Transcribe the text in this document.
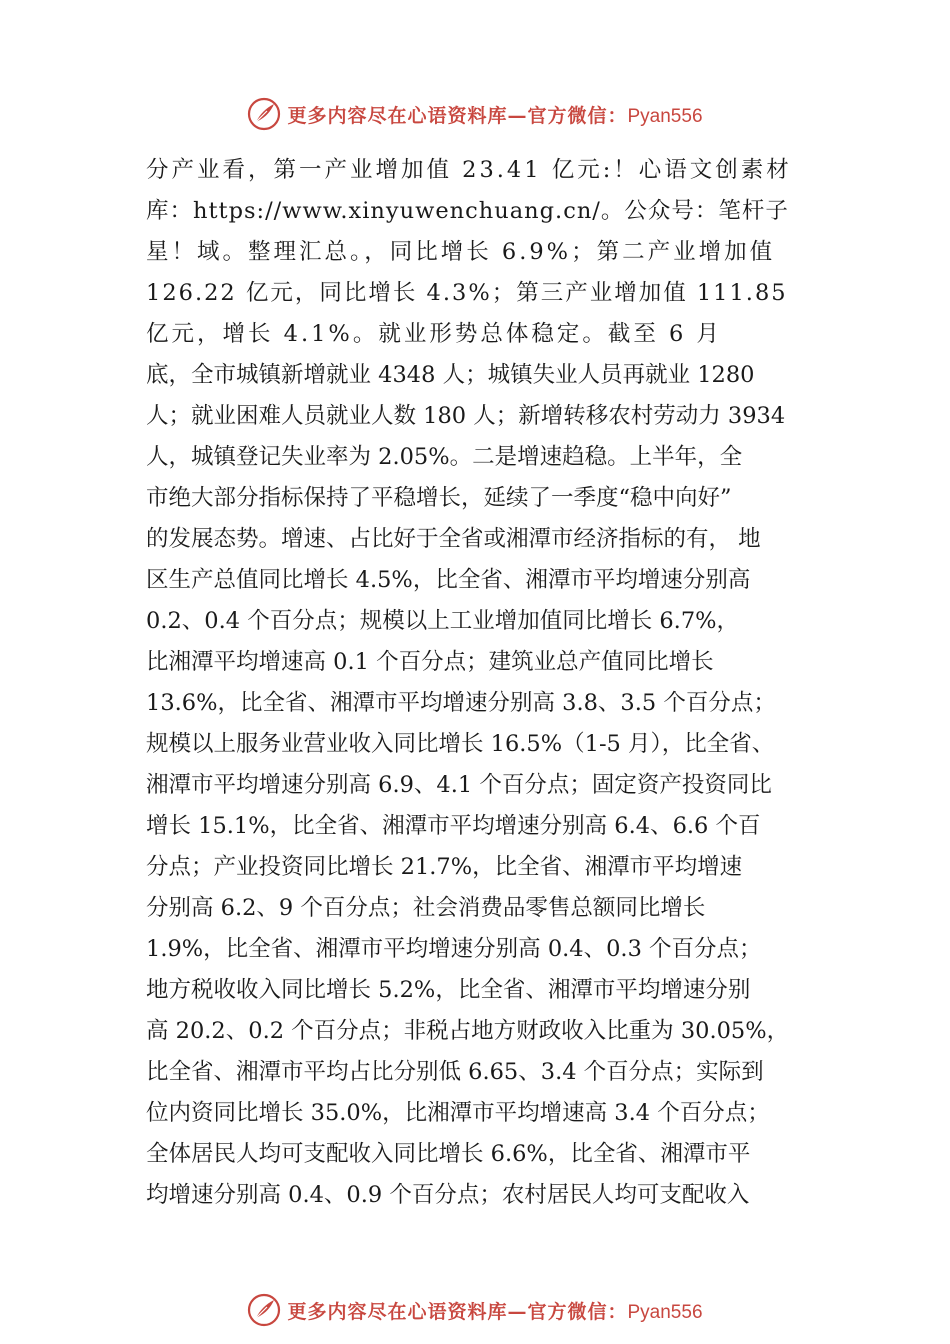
更多内容尽在心语资料库—官方微信：Pyan556
分产业看，第一产业增加值 23.41 亿元:！心语文创素材
库：https://www.xinyuwenchuang.cn/。公众号：笔杆子
星！域。整理汇总。，同比增长 6.9%；第二产业增加值
126.22 亿元，同比增长 4.3%；第三产业增加值 111.85
亿元，增长 4.1%。就业形势总体稳定。截至 6 月
底，全市城镇新增就业 4348 人；城镇失业人员再就业 1280
人；就业困难人员就业人数 180 人；新增转移农村劳动力 3934
人，城镇登记失业率为 2.05%。二是增速趋稳。上半年，全
市绝大部分指标保持了平稳增长，延续了一季度“稳中向好”
的发展态势。增速、占比好于全省或湘潭市经济指标的有， 地
区生产总值同比增长 4.5%，比全省、湘潭市平均增速分别高
0.2、0.4 个百分点；规模以上工业增加值同比增长 6.7%，
比湘潭平均增速高 0.1 个百分点；建筑业总产值同比增长
13.6%，比全省、湘潭市平均增速分别高 3.8、3.5 个百分点；
规模以上服务业营业收入同比增长 16.5%（1-5 月），比全省、
湘潭市平均增速分别高 6.9、4.1 个百分点；固定资产投资同比
增长 15.1%，比全省、湘潭市平均增速分别高 6.4、6.6 个百
分点；产业投资同比增长 21.7%，比全省、湘潭市平均增速
分别高 6.2、9 个百分点；社会消费品零售总额同比增长
1.9%，比全省、湘潭市平均增速分别高 0.4、0.3 个百分点；
地方税收收入同比增长 5.2%，比全省、湘潭市平均增速分别
高 20.2、0.2 个百分点；非税占地方财政收入比重为 30.05%，
比全省、湘潭市平均占比分别低 6.65、3.4 个百分点；实际到
位内资同比增长 35.0%，比湘潭市平均增速高 3.4 个百分点；
全体居民人均可支配收入同比增长 6.6%，比全省、湘潭市平
均增速分别高 0.4、0.9 个百分点；农村居民人均可支配收入
更多内容尽在心语资料库—官方微信：Pyan556
